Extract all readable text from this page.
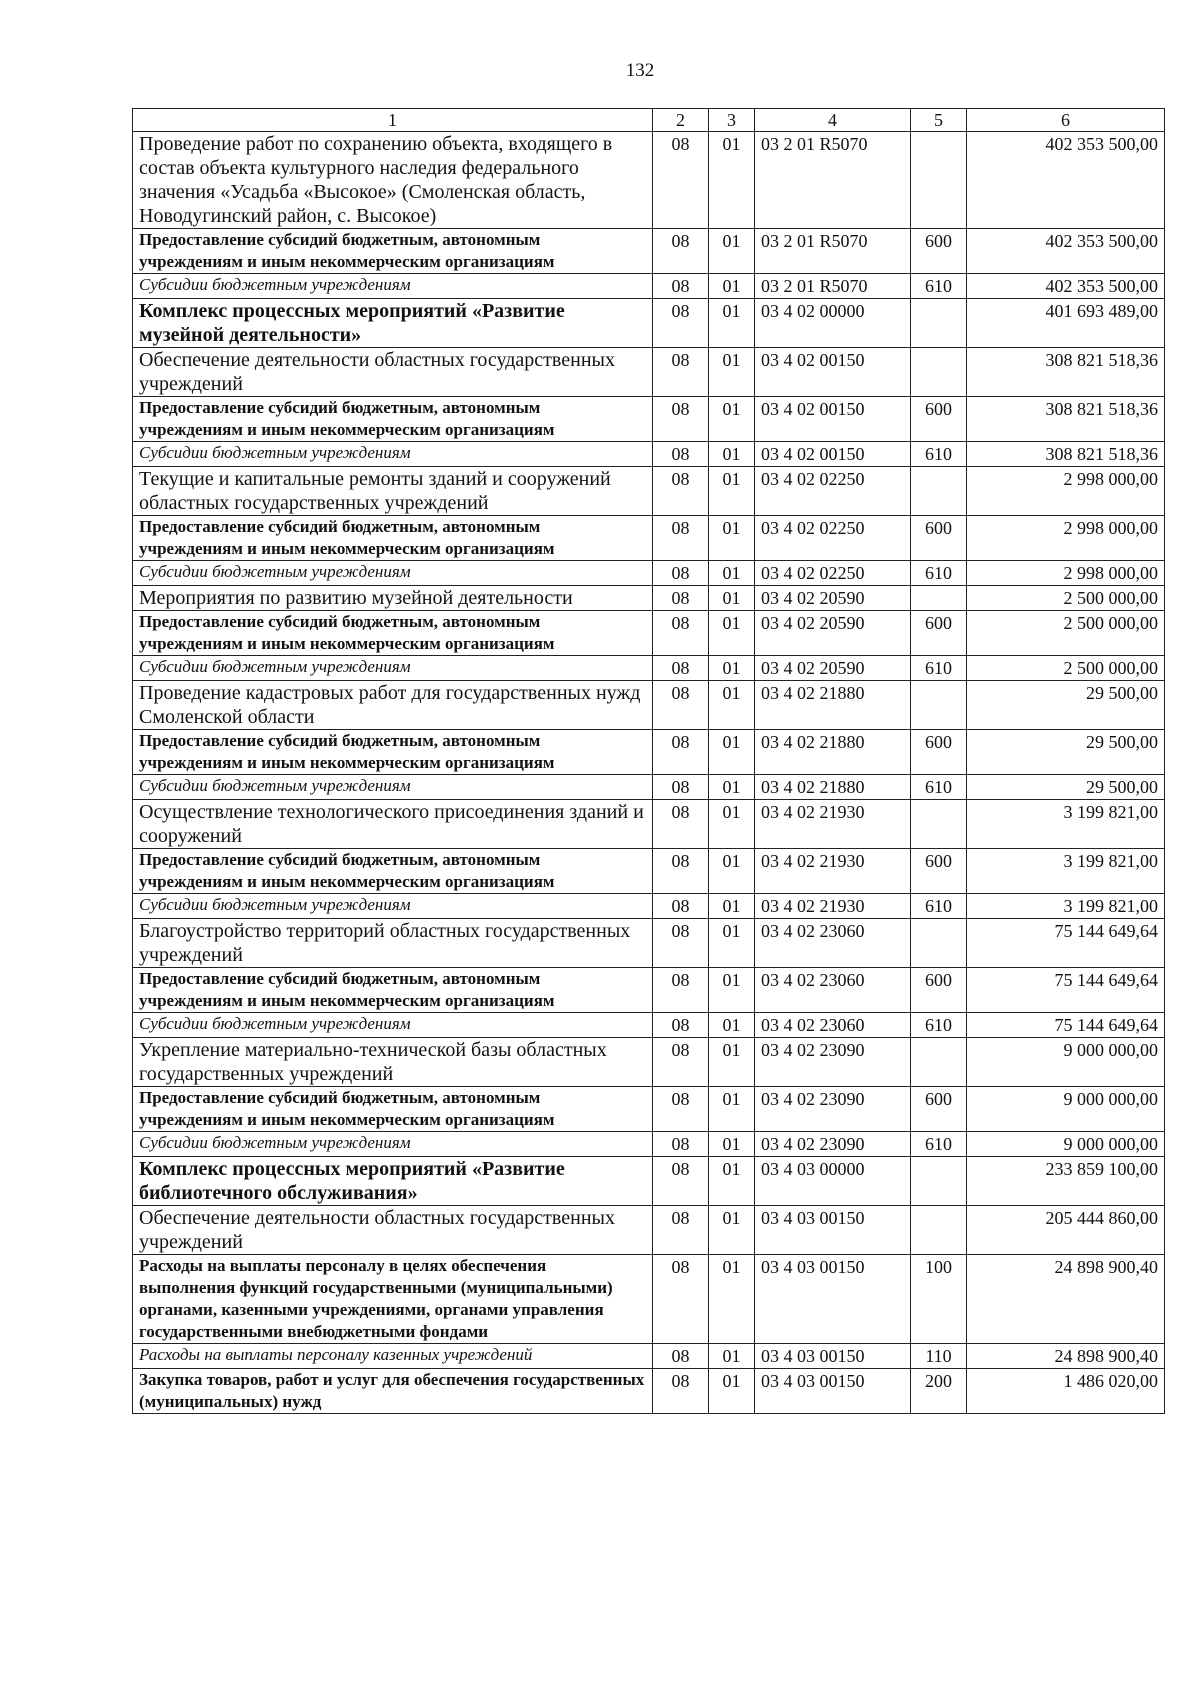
132
1	2	3	4	5	6
Проведение работ по сохранению объекта, входящего в состав объекта культурного наследия федерального значения «Усадьба «Высокое» (Смоленская область, Новодугинский район, с. Высокое)	08	01	03 2 01 R5070		402 353 500,00
Предоставление субсидий бюджетным, автономным учреждениям и иным некоммерческим организациям	08	01	03 2 01 R5070	600	402 353 500,00
Субсидии бюджетным учреждениям	08	01	03 2 01 R5070	610	402 353 500,00
Комплекс процессных мероприятий «Развитие музейной деятельности»	08	01	03 4 02 00000		401 693 489,00
Обеспечение деятельности областных государственных учреждений	08	01	03 4 02 00150		308 821 518,36
Предоставление субсидий бюджетным, автономным учреждениям и иным некоммерческим организациям	08	01	03 4 02 00150	600	308 821 518,36
Субсидии бюджетным учреждениям	08	01	03 4 02 00150	610	308 821 518,36
Текущие и капитальные ремонты зданий и сооружений областных государственных учреждений	08	01	03 4 02 02250		2 998 000,00
Предоставление субсидий бюджетным, автономным учреждениям и иным некоммерческим организациям	08	01	03 4 02 02250	600	2 998 000,00
Субсидии бюджетным учреждениям	08	01	03 4 02 02250	610	2 998 000,00
Мероприятия по развитию музейной деятельности	08	01	03 4 02 20590		2 500 000,00
Предоставление субсидий бюджетным, автономным учреждениям и иным некоммерческим организациям	08	01	03 4 02 20590	600	2 500 000,00
Субсидии бюджетным учреждениям	08	01	03 4 02 20590	610	2 500 000,00
Проведение кадастровых работ для государственных нужд Смоленской области	08	01	03 4 02 21880		29 500,00
Предоставление субсидий бюджетным, автономным учреждениям и иным некоммерческим организациям	08	01	03 4 02 21880	600	29 500,00
Субсидии бюджетным учреждениям	08	01	03 4 02 21880	610	29 500,00
Осуществление технологического присоединения зданий и сооружений	08	01	03 4 02 21930		3 199 821,00
Предоставление субсидий бюджетным, автономным учреждениям и иным некоммерческим организациям	08	01	03 4 02 21930	600	3 199 821,00
Субсидии бюджетным учреждениям	08	01	03 4 02 21930	610	3 199 821,00
Благоустройство территорий областных государственных учреждений	08	01	03 4 02 23060		75 144 649,64
Предоставление субсидий бюджетным, автономным учреждениям и иным некоммерческим организациям	08	01	03 4 02 23060	600	75 144 649,64
Субсидии бюджетным учреждениям	08	01	03 4 02 23060	610	75 144 649,64
Укрепление материально-технической базы областных государственных учреждений	08	01	03 4 02 23090		9 000 000,00
Предоставление субсидий бюджетным, автономным учреждениям и иным некоммерческим организациям	08	01	03 4 02 23090	600	9 000 000,00
Субсидии бюджетным учреждениям	08	01	03 4 02 23090	610	9 000 000,00
Комплекс процессных мероприятий «Развитие библиотечного обслуживания»	08	01	03 4 03 00000		233 859 100,00
Обеспечение деятельности областных государственных учреждений	08	01	03 4 03 00150		205 444 860,00
Расходы на выплаты персоналу в целях обеспечения выполнения функций государственными (муниципальными) органами, казенными учреждениями, органами управления государственными внебюджетными фондами	08	01	03 4 03 00150	100	24 898 900,40
Расходы на выплаты персоналу казенных учреждений	08	01	03 4 03 00150	110	24 898 900,40
Закупка товаров, работ и услуг для обеспечения государственных (муниципальных) нужд	08	01	03 4 03 00150	200	1 486 020,00
